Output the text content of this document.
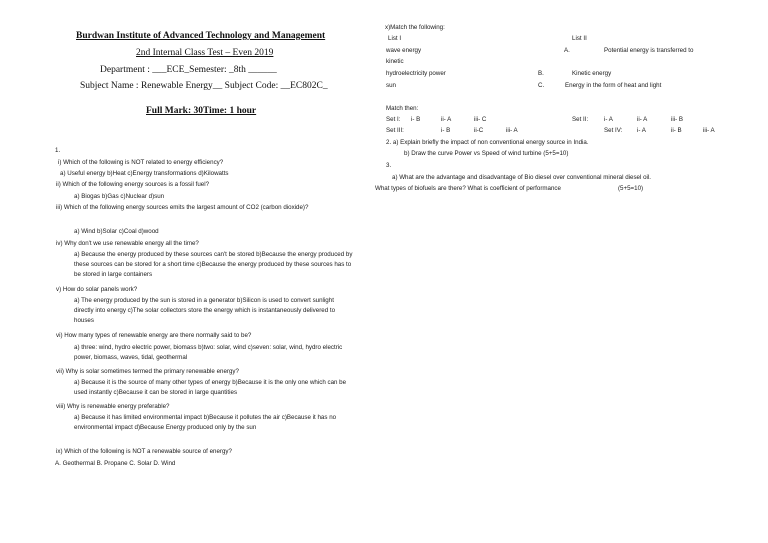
Burdwan Institute of Advanced Technology and Management
2nd Internal Class Test – Even 2019
Department : ___ECE_Semester: _8th ______
Subject Name : Renewable Energy__ Subject Code: __EC802C_
Full Mark: 30Time: 1 hour
1.
i) Which of the following is NOT related to energy efficiency?
a) Useful energy b)Heat c)Energy transformations d)Kilowatts
ii) Which of the following energy sources is a fossil fuel?
a) Biogas b)Gas c)Nuclear d)sun
iii) Which of the following energy sources emits the largest amount of CO2 (carbon dioxide)?
a) Wind b)Solar c)Coal d)wood
iv) Why don't we use renewable energy all the time?
a) Because the energy produced by these sources can't be stored b)Because the energy produced by these sources can be stored for a short time c)Because the energy produced by these sources has to be stored in large containers
v) How do solar panels work?
a) The energy produced by the sun is stored in a generator b)Silicon is used to convert sunlight directly into energy c)The solar collectors store the energy which is instantaneously delivered to houses
vi) How many types of renewable energy are there normally said to be?
a) three: wind, hydro electric power, biomass b)two: solar, wind c)seven: solar, wind, hydro electric power, biomass, waves, tidal, geothermal
vii) Why is solar sometimes termed the primary renewable energy?
a) Because it is the source of many other types of energy b)Because it is the only one which can be used instantly c)Because it can be stored in large quantities
viii) Why is renewable energy preferable?
a) Because it has limited environmental impact b)Because it pollutes the air c)Because it has no environmental impact d)Because Energy produced only by the sun
ix) Which of the following is NOT a renewable source of energy?
A. Geothermal B. Propane C. Solar D. Wind
x)Match the following:
List I	List II
wave energy	A.	Potential energy is transferred to
kinetic
hydroelectricity power	B.	Kinetic energy
sun	C.	Energy in the form of heat and light
Match then:
Set I: i- B	ii- A	iii- C	Set II:	i- A	ii- A	iii- B
Set III:	i- B	ii-C	iii- A	Set IV: i- A	ii- B	iii- A
2. a) Explain briefly the impact of non conventional energy source in India.
b) Draw the curve Power vs Speed of wind turbine (5+5=10)
3.
a) What are the advantage and disadvantage of Bio diesel over conventional mineral diesel oil.
What types of biofuels are there? What is coefficient of performance	(5+5=10)
